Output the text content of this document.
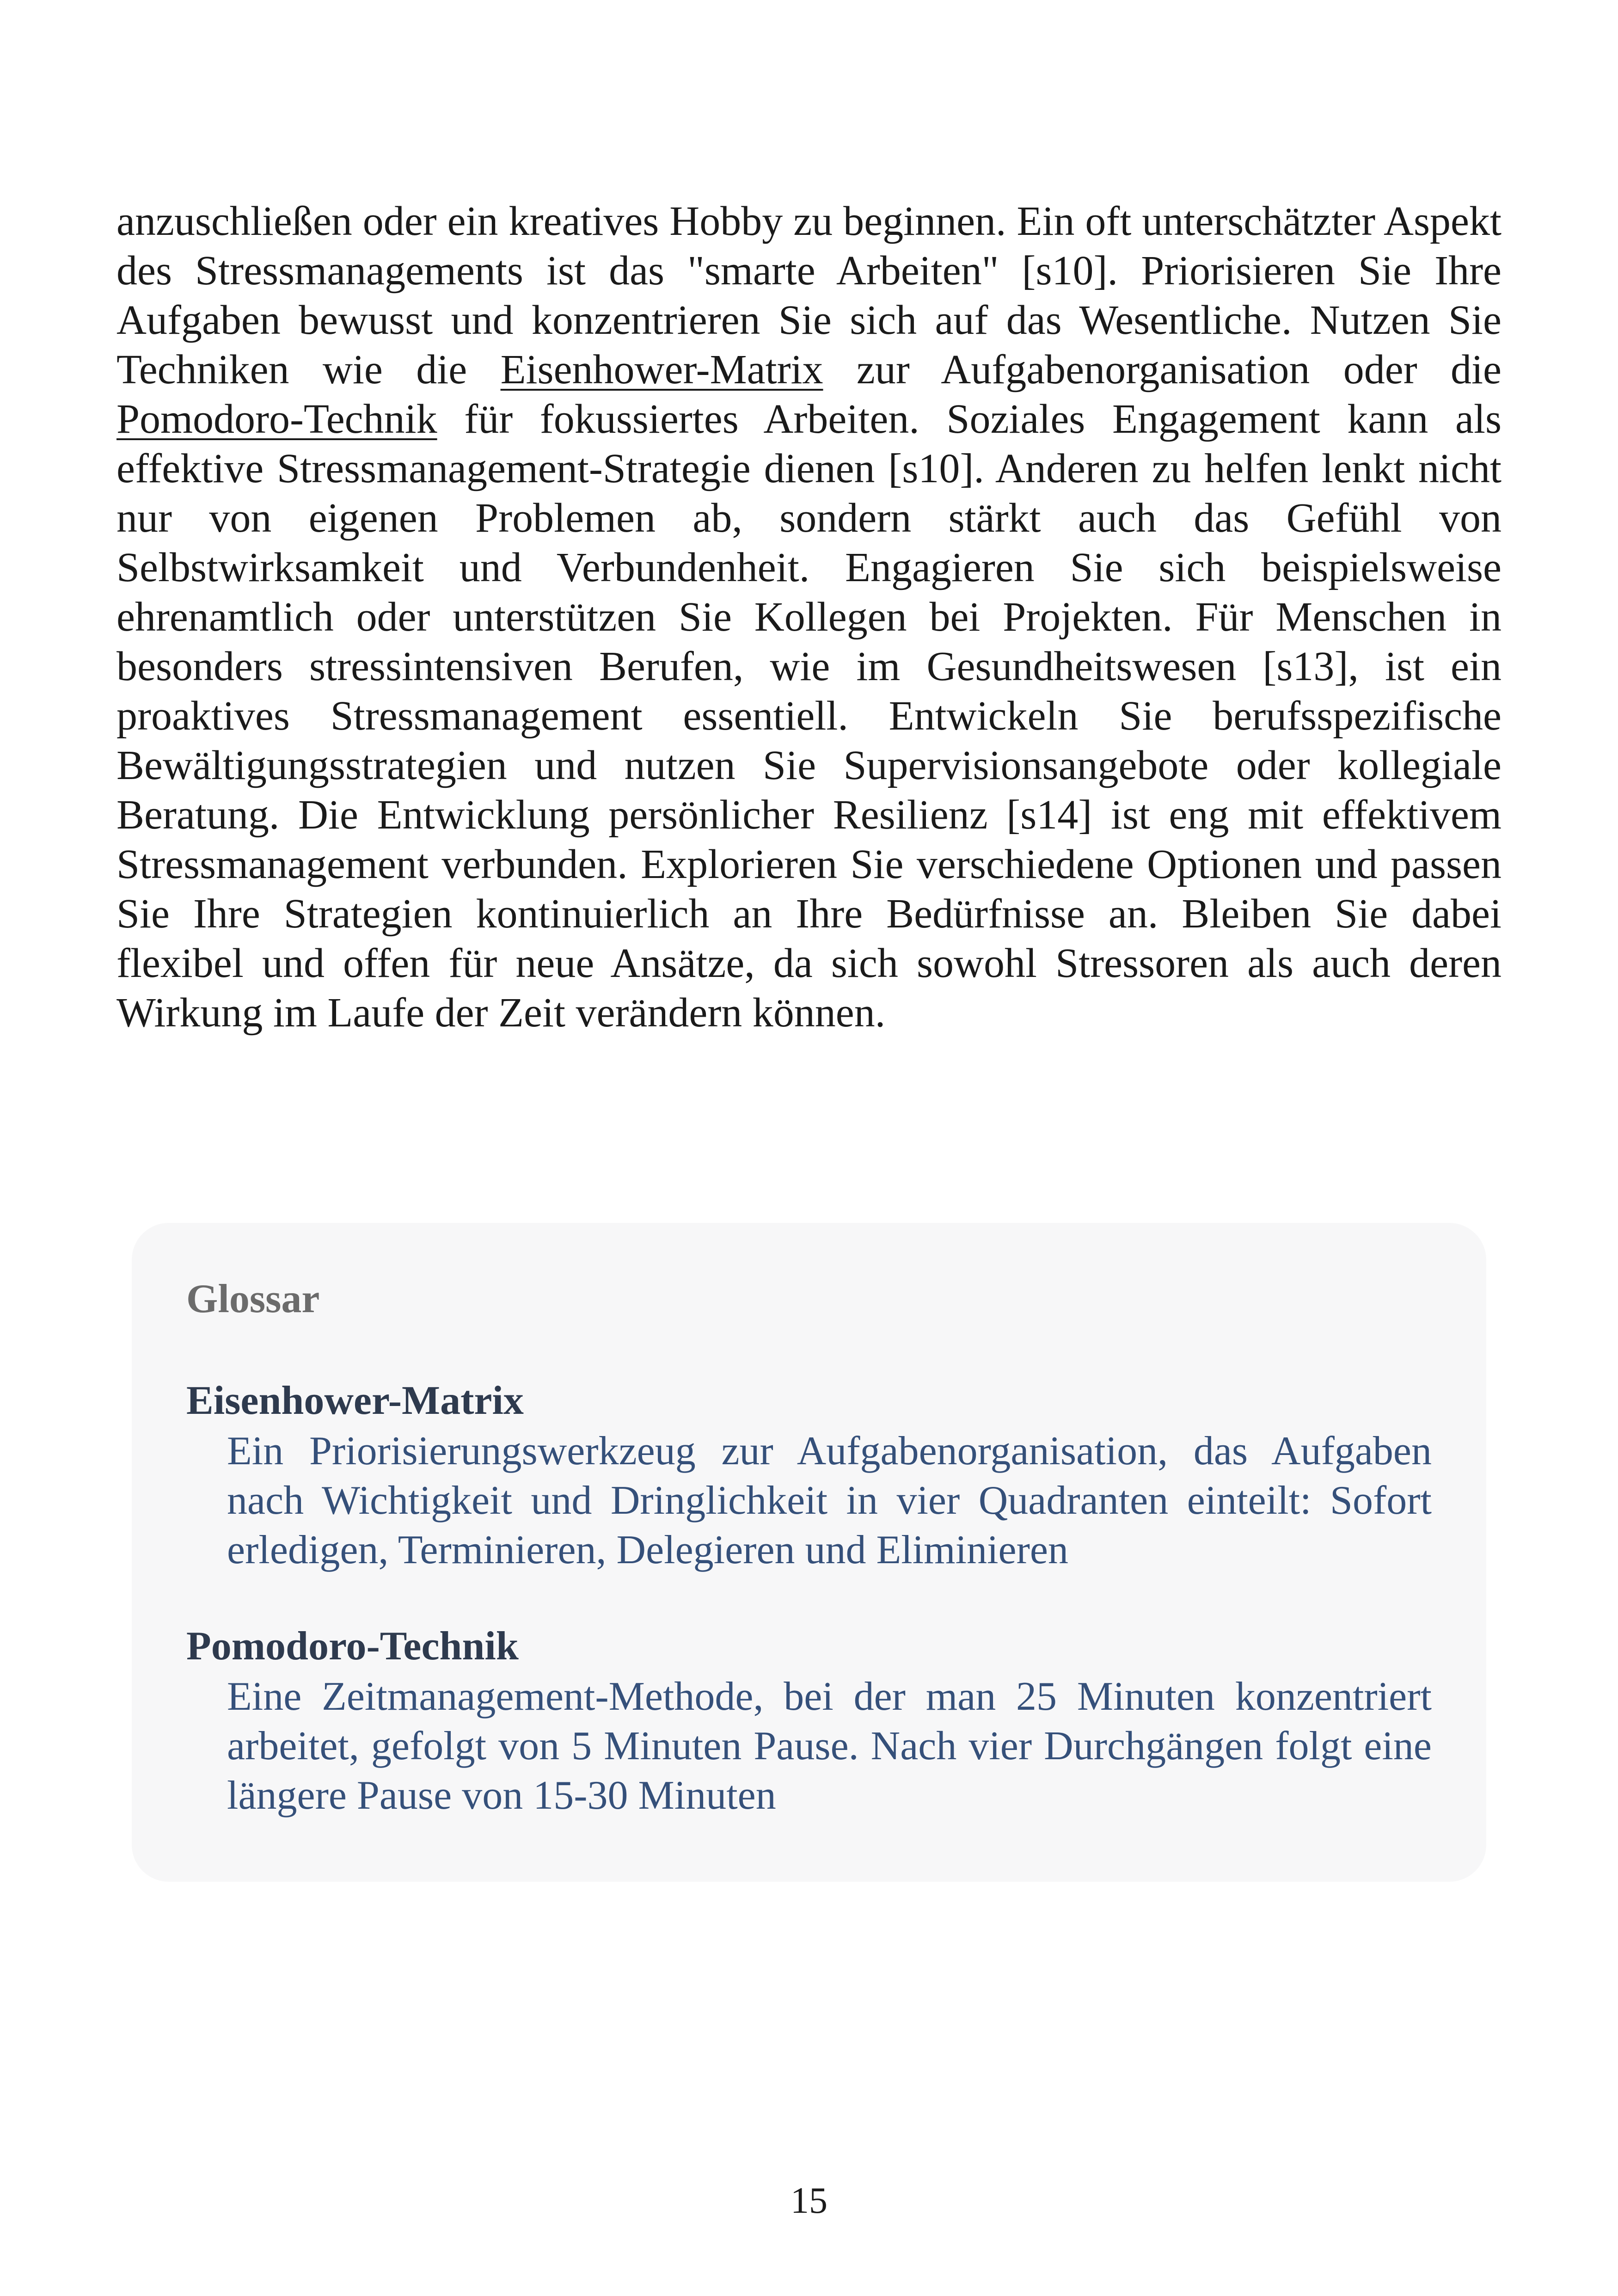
anzuschließen oder ein kreatives Hobby zu beginnen. Ein oft unterschätzter Aspekt des Stressmanagements ist das "smarte Arbeiten" [s10]. Priorisieren Sie Ihre Aufgaben bewusst und konzentrieren Sie sich auf das Wesentliche. Nutzen Sie Techniken wie die Eisenhower-Matrix zur Aufgabenorganisation oder die Pomodoro-Technik für fokussiertes Arbeiten. Soziales Engagement kann als effektive Stressmanagement-Strategie dienen [s10]. Anderen zu helfen lenkt nicht nur von eigenen Problemen ab, sondern stärkt auch das Gefühl von Selbstwirksamkeit und Verbundenheit. Engagieren Sie sich beispielsweise ehrenamtlich oder unterstützen Sie Kollegen bei Projekten. Für Menschen in besonders stressintensiven Berufen, wie im Gesundheitswesen [s13], ist ein proaktives Stressmanagement essentiell. Entwickeln Sie berufsspezifische Bewältigungsstrategien und nutzen Sie Supervisionsangebote oder kollegiale Beratung. Die Entwicklung persönlicher Resilienz [s14] ist eng mit effektivem Stressmanagement verbunden. Explorieren Sie verschiedene Optionen und passen Sie Ihre Strategien kontinuierlich an Ihre Bedürfnisse an. Bleiben Sie dabei flexibel und offen für neue Ansätze, da sich sowohl Stressoren als auch deren Wirkung im Laufe der Zeit verändern können.

Glossar
Eisenhower-Matrix
Ein Priorisierungswerkzeug zur Aufgabenorganisation, das Aufgaben nach Wichtigkeit und Dringlichkeit in vier Quadranten einteilt: Sofort erledigen, Terminieren, Delegieren und Eliminieren
Pomodoro-Technik
Eine Zeitmanagement-Methode, bei der man 25 Minuten konzentriert arbeitet, gefolgt von 5 Minuten Pause. Nach vier Durchgängen folgt eine längere Pause von 15-30 Minuten
15
